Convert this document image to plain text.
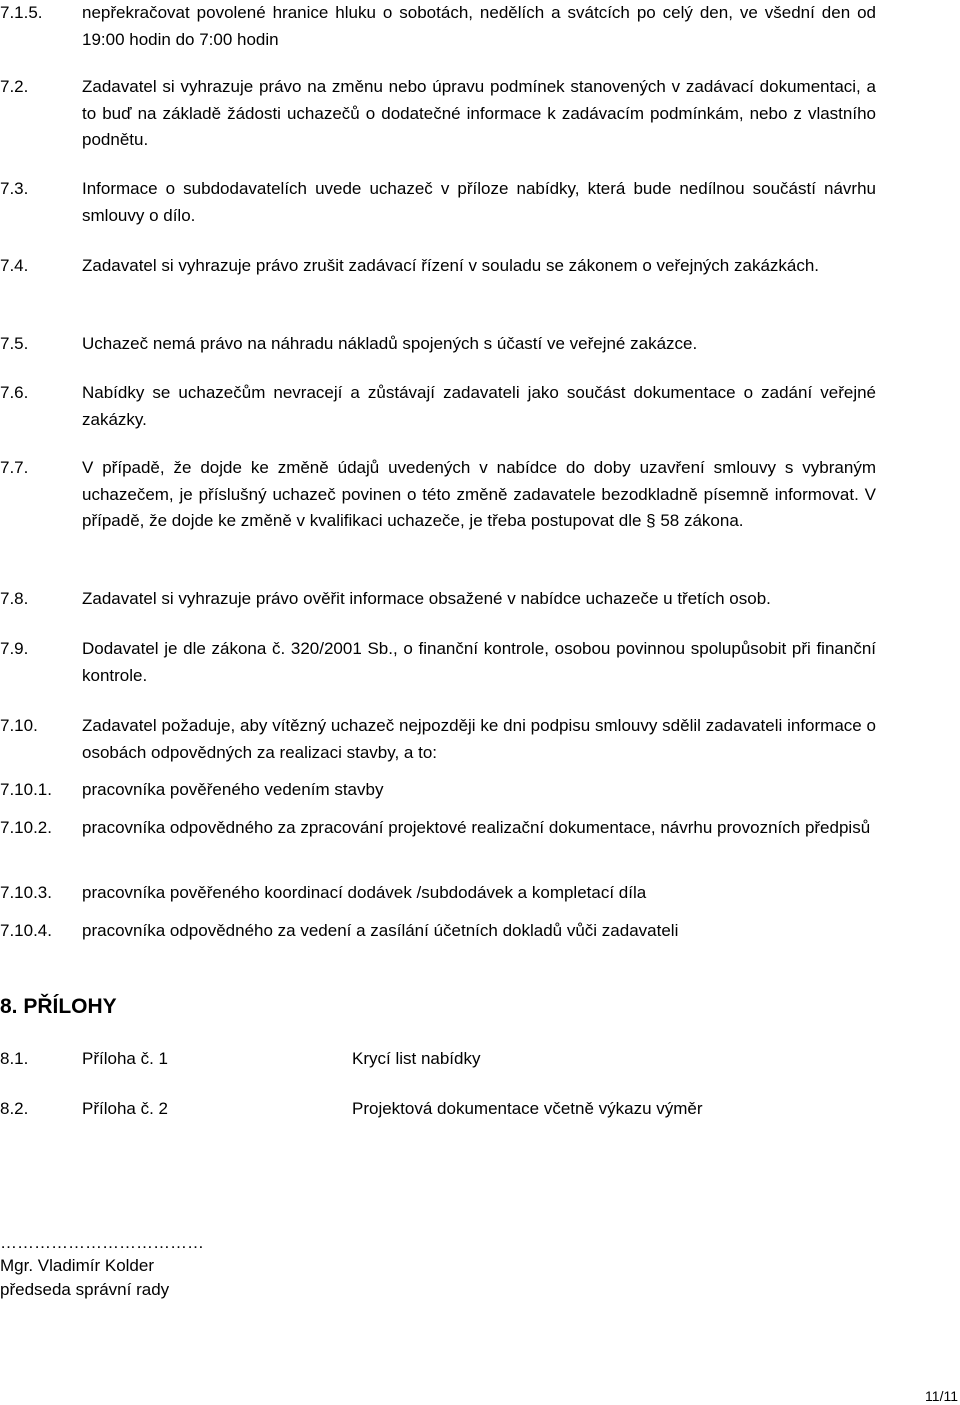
7.1.5. nepřekračovat povolené hranice hluku o sobotách, nedělích a svátcích po celý den, ve všední den od 19:00 hodin do 7:00 hodin
7.2.	Zadavatel si vyhrazuje právo na změnu nebo úpravu podmínek stanovených v zadávací dokumentaci, a to buď na základě žádosti uchazečů o dodatečné informace k zadávacím podmínkám, nebo z vlastního podnětu.
7.3.	Informace o subdodavatelích uvede uchazeč v příloze nabídky, která bude nedílnou součástí návrhu smlouvy o dílo.
7.4.	Zadavatel si vyhrazuje právo zrušit zadávací řízení v souladu se zákonem o veřejných zakázkách.
7.5.	Uchazeč nemá právo na náhradu nákladů spojených s účastí ve veřejné zakázce.
7.6.	Nabídky se uchazečům nevracejí a zůstávají zadavateli jako součást dokumentace o zadání veřejné zakázky.
7.7.	V případě, že dojde ke změně údajů uvedených v nabídce do doby uzavření smlouvy s vybraným uchazečem, je příslušný uchazeč povinen o této změně zadavatele bezodkladně písemně informovat. V případě, že dojde ke změně v kvalifikaci uchazeče, je třeba postupovat dle § 58 zákona.
7.8.	Zadavatel si vyhrazuje právo ověřit informace obsažené v nabídce uchazeče u třetích osob.
7.9.	Dodavatel je dle zákona č. 320/2001 Sb., o finanční kontrole, osobou povinnou spolupůsobit při finanční kontrole.
7.10.	Zadavatel požaduje, aby vítězný uchazeč nejpozději ke dni podpisu smlouvy sdělil zadavateli informace o osobách odpovědných za realizaci stavby, a to:
7.10.1. pracovníka pověřeného vedením stavby
7.10.2. pracovníka odpovědného za zpracování projektové realizační dokumentace, návrhu provozních předpisů
7.10.3. pracovníka pověřeného koordinací dodávek /subdodávek a kompletací díla
7.10.4. pracovníka odpovědného za vedení a zasílání účetních dokladů vůči zadavateli
8. PŘÍLOHY
8.1.	Příloha č. 1	Krycí list nabídky
8.2.	Příloha č. 2	Projektová dokumentace včetně výkazu výměr
………………………………
Mgr. Vladimír Kolder
předseda správní rady
11/11
